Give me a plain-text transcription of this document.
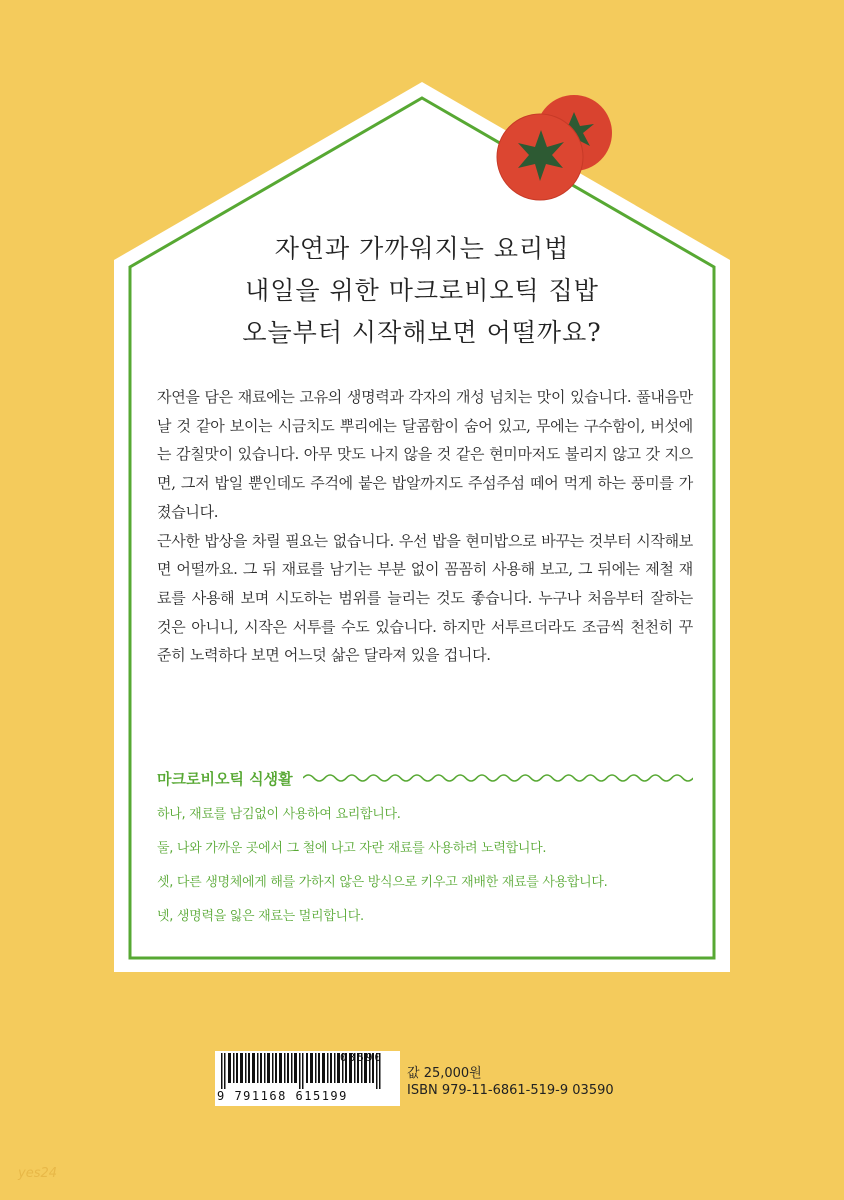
자연과 가까워지는 요리법
내일을 위한 마크로비오틱 집밥
오늘부터 시작해보면 어떨까요?

자연을 담은 재료에는 고유의 생명력과 각자의 개성 넘치는 맛이 있습니다. 풀내음만 날 것 같아 보이는 시금치도 뿌리에는 달콤함이 숨어 있고, 무에는 구수함이, 버섯에는 감칠맛이 있습니다. 아무 맛도 나지 않을 것 같은 현미마저도 불리지 않고 갓 지으면, 그저 밥일 뿐인데도 주걱에 붙은 밥알까지도 주섬주섬 떼어 먹게 하는 풍미를 가졌습니다.

근사한 밥상을 차릴 필요는 없습니다. 우선 밥을 현미밥으로 바꾸는 것부터 시작해보면 어떨까요. 그 뒤 재료를 남기는 부분 없이 꼼꼼히 사용해 보고, 그 뒤에는 제철 재료를 사용해 보며 시도하는 범위를 늘리는 것도 좋습니다. 누구나 처음부터 잘하는 것은 아니니, 시작은 서투를 수도 있습니다. 하지만 서투르더라도 조금씩 천천히 꾸준히 노력하다 보면 어느덧 삶은 달라져 있을 겁니다.

마크로비오틱 식생활
하나, 재료를 남김없이 사용하여 요리합니다.
둘, 나와 가까운 곳에서 그 철에 나고 자란 재료를 사용하려 노력합니다.
셋, 다른 생명체에게 해를 가하지 않은 방식으로 키우고 재배한 재료를 사용합니다.
넷, 생명력을 잃은 재료는 멀리합니다.
9 791168 615199
03590
값 25,000원
ISBN 979-11-6861-519-9 03590
yes24
